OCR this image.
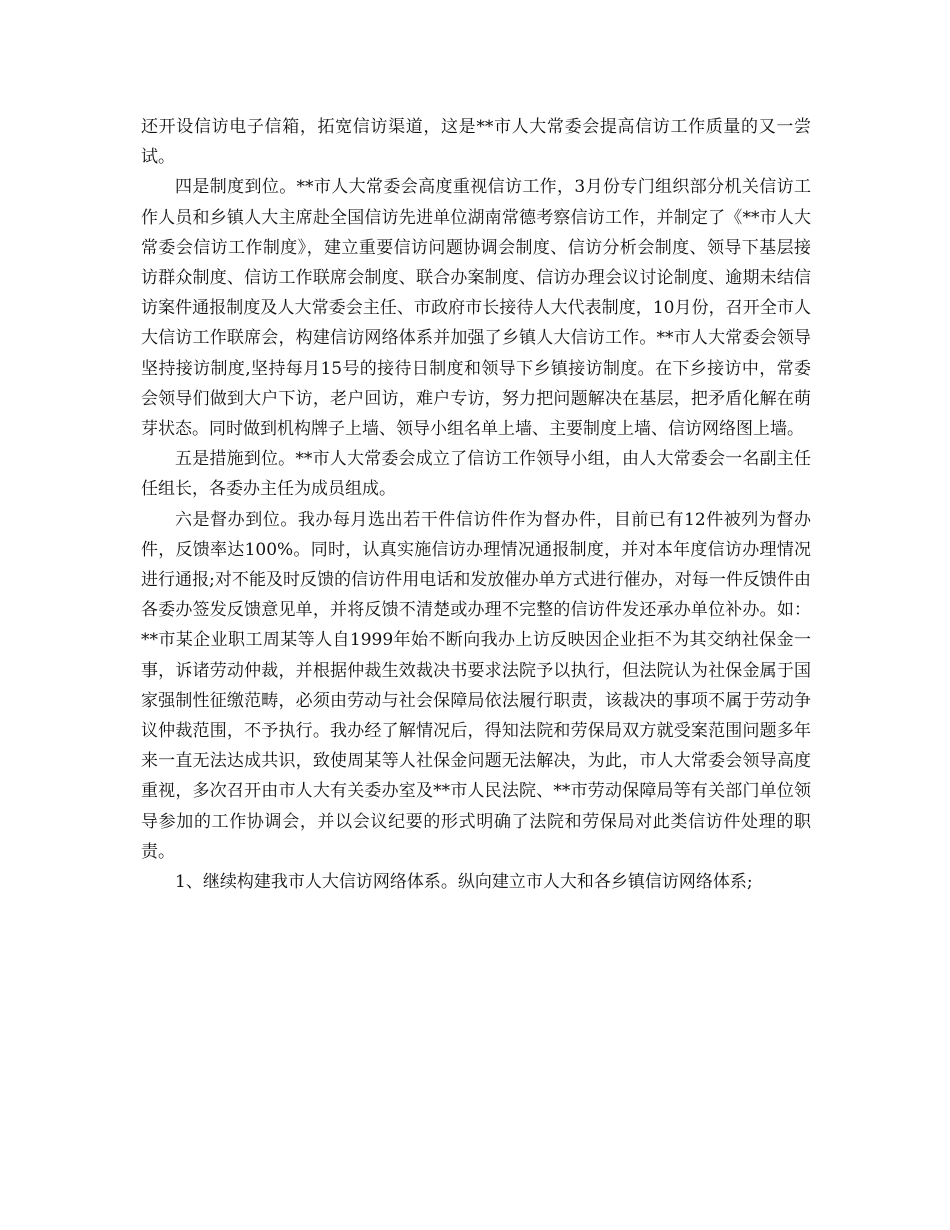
还开设信访电子信箱，拓宽信访渠道，这是**市人大常委会提高信访工作质量的又一尝试。

四是制度到位。**市人大常委会高度重视信访工作，3月份专门组织部分机关信访工作人员和乡镇人大主席赴全国信访先进单位湖南常德考察信访工作，并制定了《**市人大常委会信访工作制度》，建立重要信访问题协调会制度、信访分析会制度、领导下基层接访群众制度、信访工作联席会制度、联合办案制度、信访办理会议讨论制度、逾期未结信访案件通报制度及人大常委会主任、市政府市长接待人大代表制度，10月份，召开全市人大信访工作联席会，构建信访网络体系并加强了乡镇人大信访工作。**市人大常委会领导坚持接访制度,坚持每月15号的接待日制度和领导下乡镇接访制度。在下乡接访中，常委会领导们做到大户下访，老户回访，难户专访，努力把问题解决在基层，把矛盾化解在萌芽状态。同时做到机构牌子上墙、领导小组名单上墙、主要制度上墙、信访网络图上墙。

五是措施到位。**市人大常委会成立了信访工作领导小组，由人大常委会一名副主任任组长，各委办主任为成员组成。

六是督办到位。我办每月选出若干件信访件作为督办件，目前已有12件被列为督办件，反馈率达100%。同时，认真实施信访办理情况通报制度，并对本年度信访办理情况进行通报;对不能及时反馈的信访件用电话和发放催办单方式进行催办，对每一件反馈件由各委办签发反馈意见单，并将反馈不清楚或办理不完整的信访件发还承办单位补办。如：**市某企业职工周某等人自1999年始不断向我办上访反映因企业拒不为其交纳社保金一事，诉诸劳动仲裁，并根据仲裁生效裁决书要求法院予以执行，但法院认为社保金属于国家强制性征缴范畴，必须由劳动与社会保障局依法履行职责，该裁决的事项不属于劳动争议仲裁范围，不予执行。我办经了解情况后，得知法院和劳保局双方就受案范围问题多年来一直无法达成共识，致使周某等人社保金问题无法解决，为此，市人大常委会领导高度重视，多次召开由市人大有关委办室及**市人民法院、**市劳动保障局等有关部门单位领导参加的工作协调会，并以会议纪要的形式明确了法院和劳保局对此类信访件处理的职责。

1、继续构建我市人大信访网络体系。纵向建立市人大和各乡镇信访网络体系;
